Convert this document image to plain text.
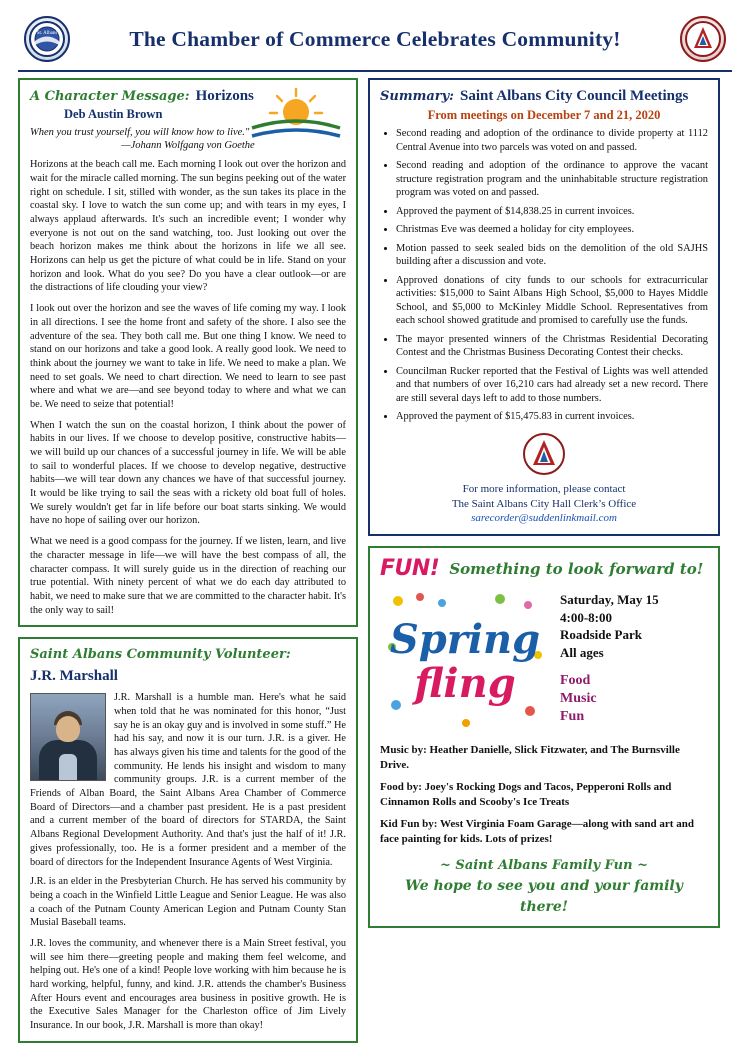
St. Albans	The Chamber of Commerce Celebrates Community!
A Character Message: Horizons
Deb Austin Brown
When you trust yourself, you will know how to live."
—Johann Wolfgang von Goethe

Horizons at the beach call me. Each morning I look out over the horizon and wait for the miracle called morning. The sun begins peeking out of the water right on schedule. I sit, stilled with wonder, as the sun takes its place in the coastal sky. I love to watch the sun come up; and with tears in my eyes, I always applaud afterwards. It's such an incredible event; I wonder why everyone is not out on the sand watching, too. Just looking out over the beach horizon makes me think about the horizons in life we all see. Horizons can help us get the picture of what could be in life. Stand on your horizon and look. What do you see? Do you have a clear outlook—or are the distractions of life clouding your view?

I look out over the horizon and see the waves of life coming my way. I look in all directions. I see the home front and safety of the shore. I also see the adventure of the sea. They both call me. But one thing I know. We need to stand on our horizons and take a good look. A really good look. We need to think about the journey we want to take in life. We need to make a plan. We need to set goals. We need to chart direction. We need to learn to see past where and what we are—and see beyond today to where and what we can be. We need to seize that potential!

When I watch the sun on the coastal horizon, I think about the power of habits in our lives. If we choose to develop positive, constructive habits—we will build up our chances of a successful journey in life. We will be able to sail to wonderful places. If we choose to develop negative, destructive habits—we will tear down any chances we have of that successful journey. It would be like trying to sail the seas with a rickety old boat full of holes. We surely wouldn't get far in life before our boat starts sinking. We would have no hope of sailing over our horizon.

What we need is a good compass for the journey. If we listen, learn, and live the character message in life—we will have the best compass of all, the character compass. It will surely guide us in the direction of reaching our true potential. With ninety percent of what we do each day attributed to habit, we need to make sure that we are committed to the character habit. It's the only way to sail!

Saint Albans Community Volunteer:
J.R. Marshall

J.R. Marshall is a humble man. Here's what he said when told that he was nominated for this honor, “Just say he is an okay guy and is involved in some stuff.” He had his say, and now it is our turn. J.R. is a giver. He has always given his time and talents for the good of the community. He lends his insight and wisdom to many community groups. J.R. is a current member of the Friends of Alban Board, the Saint Albans Area Chamber of Commerce Board of Directors—and a chamber past president. He is a past president and a current member of the board of directors for STARDA, the Saint Albans Regional Development Authority. And that's just the half of it! J.R. gives professionally, too. He is a former president and a member of the board of directors for the Independent Insurance Agents of West Virginia.

J.R. is an elder in the Presbyterian Church. He has served his community by being a coach in the Winfield Little League and Senior League. He was also a coach of the Putnam County American Legion and Putnam County Stan Musial Baseball teams.

J.R. loves the community, and whenever there is a Main Street festival, you will see him there—greeting people and making them feel welcome, and helping out. He's one of a kind! People love working with him because he is hard working, helpful, funny, and kind. J.R. attends the chamber's Business After Hours event and encourages area business in positive growth. He is the Executive Sales Manager for the Charleston office of Jim Lively Insurance. In our book, J.R. Marshall is more than okay!

Summary: Saint Albans City Council Meetings
From meetings on December 7 and 21, 2020
• Second reading and adoption of the ordinance to divide property at 1112 Central Avenue into two parcels was voted on and passed.
• Second reading and adoption of the ordinance to approve the vacant structure registration program and the uninhabitable structure registration program was voted on and passed.
• Approved the payment of $14,838.25 in current invoices.
• Christmas Eve was deemed a holiday for city employees.
• Motion passed to seek sealed bids on the demolition of the old SAJHS building after a discussion and vote.
• Approved donations of city funds to our schools for extracurricular activities: $15,000 to Saint Albans High School, $5,000 to Hayes Middle School, and $5,000 to McKinley Middle School. Representatives from each school showed gratitude and promised to carefully use the funds.
• The mayor presented winners of the Christmas Residential Decorating Contest and the Christmas Business Decorating Contest their checks.
• Councilman Rucker reported that the Festival of Lights was well attended and that numbers of over 16,210 cars had already set a new record. There are still several days left to add to those numbers.
• Approved the payment of $15,475.83 in current invoices.
For more information, please contact
The Saint Albans City Hall Clerk’s Office
sarecorder@suddenlinkmail.com
FUN! Something to look forward to!
Spring
fling
Saturday, May 15
4:00-8:00
Roadside Park
All ages
Food
Music
Fun

Music by: Heather Danielle, Slick Fitzwater, and The Burnsville Drive.

Food by: Joey's Rocking Dogs and Tacos, Pepperoni Rolls and Cinnamon Rolls and Scooby's Ice Treats

Kid Fun by: West Virginia Foam Garage—along with sand art and face painting for kids. Lots of prizes!

~ Saint Albans Family Fun ~
We hope to see you and your family there!
